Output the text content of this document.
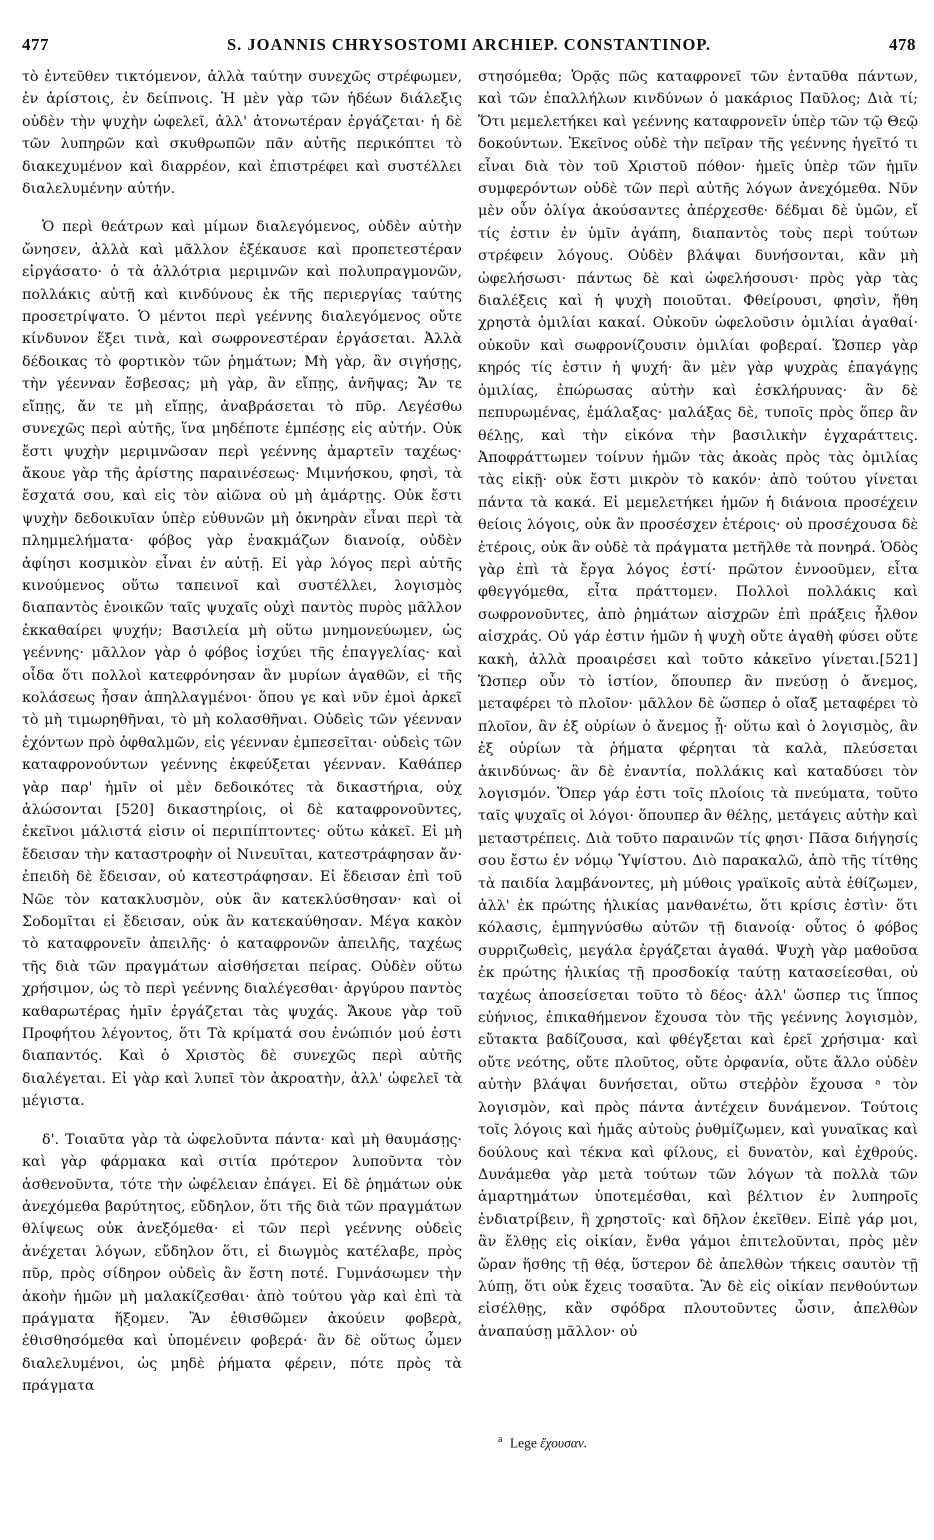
477	S. JOANNIS CHRYSOSTOMI ARCHIEP. CONSTANTINOP.	478

τὸ ἐντεῦθεν τικτόμενον, ἀλλὰ ταύτην συνεχῶς στρέφωμεν, ἐν ἀρίστοις, ἐν δείπνοις. Ἡ μὲν γὰρ τῶν ἡδέων διάλεξις οὐδὲν τὴν ψυχὴν ὠφελεῖ, ἀλλ' ἀτονωτέραν ἐργάζεται· ἡ δὲ τῶν λυπηρῶν καὶ σκυθρωπῶν πᾶν αὐτῆς περικόπτει τὸ διακεχυμένον καὶ διαρρέον, καὶ ἐπιστρέφει καὶ συστέλλει διαλελυμένην αὐτήν.

Ὁ περὶ θεάτρων καὶ μίμων διαλεγόμενος, οὐδὲν αὐτὴν ὤνησεν, ἀλλὰ καὶ μᾶλλον ἐξέκαυσε καὶ προπετεστέραν εἰργάσατο· ὁ τὰ ἀλλότρια μεριμνῶν καὶ πολυπραγμονῶν, πολλάκις αὐτῇ καὶ κινδύνους ἐκ τῆς περιεργίας ταύτης προσετρίψατο. Ὁ μέντοι περὶ γεέννης διαλεγόμενος οὔτε κίνδυνον ἕξει τινὰ, καὶ σωφρονεστέραν ἐργάσεται. Ἀλλὰ δέδοικας τὸ φορτικὸν τῶν ῥημάτων; Μὴ γὰρ, ἂν σιγήσῃς, τὴν γέενναν ἔσβεσας; μὴ γὰρ, ἂν εἴπῃς, ἀνῆψας; Ἄν τε εἴπῃς, ἄν τε μὴ εἴπῃς, ἀναβράσεται τὸ πῦρ. Λεγέσθω συνεχῶς περὶ αὐτῆς, ἵνα μηδέποτε ἐμπέσῃς εἰς αὐτήν. Οὐκ ἔστι ψυχὴν μεριμνῶσαν περὶ γεέννης ἁμαρτεῖν ταχέως· ἄκουε γὰρ τῆς ἀρίστης παραινέσεως· Μιμνήσκου, φησὶ, τὰ ἔσχατά σου, καὶ εἰς τὸν αἰῶνα οὐ μὴ ἁμάρτῃς. Οὐκ ἔστι ψυχὴν δεδοικυῖαν ὑπὲρ εὐθυνῶν μὴ ὀκνηρὰν εἶναι περὶ τὰ πλημμελήματα· φόβος γὰρ ἐνακμάζων διανοίᾳ, οὐδὲν ἀφίησι κοσμικὸν εἶναι ἐν αὐτῇ. Εἰ γὰρ λόγος περὶ αὐτῆς κινούμενος οὕτω ταπεινοῖ καὶ συστέλλει, λογισμὸς διαπαντὸς ἐνοικῶν ταῖς ψυχαῖς οὐχὶ παντὸς πυρὸς μᾶλλον ἐκκαθαίρει ψυχήν; Βασιλεία μὴ οὕτω μνημονεύωμεν, ὡς γεέννης· μᾶλλον γὰρ ὁ φόβος ἰσχύει τῆς ἐπαγγελίας· καὶ οἶδα ὅτι πολλοὶ κατεφρόνησαν ἂν μυρίων ἀγαθῶν, εἰ τῆς κολάσεως ἦσαν ἀπηλλαγμένοι· ὅπου γε καὶ νῦν ἐμοὶ ἀρκεῖ τὸ μὴ τιμωρηθῆναι, τὸ μὴ κολασθῆναι. Οὐδεὶς τῶν γέενναν ἐχόντων πρὸ ὀφθαλμῶν, εἰς γέενναν ἐμπεσεῖται· οὐδεὶς τῶν καταφρονούντων γεέννης ἐκφεύξεται γέενναν. Καθάπερ γὰρ παρ' ἡμῖν οἱ μὲν δεδοικότες τὰ δικαστήρια, οὐχ ἁλώσονται [520] δικαστηρίοις, οἱ δὲ καταφρονοῦντες, ἐκεῖνοι μάλιστά εἰσιν οἱ περιπίπτοντες· οὕτω κἀκεῖ. Εἰ μὴ ἔδεισαν τὴν καταστροφὴν οἱ Νινευῖται, κατεστράφησαν ἄν· ἐπειδὴ δὲ ἔδεισαν, οὐ κατεστράφησαν. Εἰ ἔδεισαν ἐπὶ τοῦ Νῶε τὸν κατακλυσμὸν, οὐκ ἂν κατεκλύσθησαν· καὶ οἱ Σοδομῖται εἰ ἔδεισαν, οὐκ ἂν κατεκαύθησαν. Μέγα κακὸν τὸ καταφρονεῖν ἀπειλῆς· ὁ καταφρονῶν ἀπειλῆς, ταχέως τῆς διὰ τῶν πραγμάτων αἰσθήσεται πείρας. Οὐδὲν οὕτω χρήσιμον, ὡς τὸ περὶ γεέννης διαλέγεσθαι· ἀργύρου παντὸς καθαρωτέρας ἡμῖν ἐργάζεται τὰς ψυχάς. Ἄκουε γὰρ τοῦ Προφήτου λέγοντος, ὅτι Τὰ κρίματά σου ἐνώπιόν μού ἐστι διαπαντός. Καὶ ὁ Χριστὸς δὲ συνεχῶς περὶ αὐτῆς διαλέγεται. Εἰ γὰρ καὶ λυπεῖ τὸν ἀκροατὴν, ἀλλ' ὠφελεῖ τὰ μέγιστα.

δ'. Τοιαῦτα γὰρ τὰ ὠφελοῦντα πάντα· καὶ μὴ θαυμάσῃς· καὶ γὰρ φάρμακα καὶ σιτία πρότερον λυποῦντα τὸν ἀσθενοῦντα, τότε τὴν ὠφέλειαν ἐπάγει. Εἰ δὲ ῥημάτων οὐκ ἀνεχόμεθα βαρύτητος, εὔδηλον, ὅτι τῆς διὰ τῶν πραγμάτων θλίψεως οὐκ ἀνεξόμεθα· εἰ τῶν περὶ γεέννης οὐδεὶς ἀνέχεται λόγων, εὔδηλον ὅτι, εἰ διωγμὸς κατέλαβε, πρὸς πῦρ, πρὸς σίδηρον οὐδεὶς ἂν ἔστη ποτέ. Γυμνάσωμεν τὴν ἀκοὴν ἡμῶν μὴ μαλακίζεσθαι· ἀπὸ τούτου γὰρ καὶ ἐπὶ τὰ πράγματα ἥξομεν. Ἂν ἐθισθῶμεν ἀκούειν φοβερὰ, ἐθισθησόμεθα καὶ ὑπομένειν φοβερά· ἂν δὲ οὕτως ὦμεν διαλελυμένοι, ὡς μηδὲ ῥήματα φέρειν, πότε πρὸς τὰ πράγματα

στησόμεθα; Ὁρᾷς πῶς καταφρονεῖ τῶν ἐνταῦθα πάντων, καὶ τῶν ἐπαλλήλων κινδύνων ὁ μακάριος Παῦλος; Διὰ τί; Ὅτι μεμελετήκει καὶ γεέννης καταφρονεῖν ὑπὲρ τῶν τῷ Θεῷ δοκούντων. Ἐκεῖνος οὐδὲ τὴν πεῖραν τῆς γεέννης ἡγεῖτό τι εἶναι διὰ τὸν τοῦ Χριστοῦ πόθον· ἡμεῖς ὑπὲρ τῶν ἡμῖν συμφερόντων οὐδὲ τῶν περὶ αὐτῆς λόγων ἀνεχόμεθα. Νῦν μὲν οὖν ὀλίγα ἀκούσαντες ἀπέρχεσθε· δέδμαι δὲ ὑμῶν, εἴ τίς ἐστιν ἐν ὑμῖν ἀγάπη, διαπαντὸς τοὺς περὶ τούτων στρέφειν λόγους. Οὐδὲν βλάψαι δυνήσονται, κἂν μὴ ὠφελήσωσι· πάντως δὲ καὶ ὠφελήσουσι· πρὸς γὰρ τὰς διαλέξεις καὶ ἡ ψυχὴ ποιοῦται. Φθείρουσι, φησὶν, ἤθη χρηστὰ ὁμιλίαι κακαί. Οὐκοῦν ὠφελοῦσιν ὁμιλίαι ἀγαθαί· οὐκοῦν καὶ σωφρονίζουσιν ὁμιλίαι φοβεραί. Ὥσπερ γὰρ κηρός τίς ἐστιν ἡ ψυχή· ἂν μὲν γὰρ ψυχρὰς ἐπαγάγῃς ὁμιλίας, ἐπώρωσας αὐτὴν καὶ ἐσκλήρυνας· ἂν δὲ πεπυρωμένας, ἐμάλαξας· μαλάξας δὲ, τυποῖς πρὸς ὅπερ ἂν θέλῃς, καὶ τὴν εἰκόνα τὴν βασιλικὴν ἐγχαράττεις. Ἀποφράττωμεν τοίνυν ἡμῶν τὰς ἀκοὰς πρὸς τὰς ὁμιλίας τὰς εἰκῇ· οὐκ ἔστι μικρὸν τὸ κακόν· ἀπὸ τούτου γίνεται πάντα τὰ κακά. Εἰ μεμελετήκει ἡμῶν ἡ διάνοια προσέχειν θείοις λόγοις, οὐκ ἂν προσέσχεν ἑτέροις· οὐ προσέχουσα δὲ ἑτέροις, οὐκ ἂν οὐδὲ τὰ πράγματα μετῆλθε τὰ πονηρά. Ὁδὸς γὰρ ἐπὶ τὰ ἔργα λόγος ἐστί· πρῶτον ἐννοοῦμεν, εἶτα φθεγγόμεθα, εἶτα πράττομεν. Πολλοὶ πολλάκις καὶ σωφρονοῦντες, ἀπὸ ῥημάτων αἰσχρῶν ἐπὶ πράξεις ἦλθον αἰσχράς. Οὐ γάρ ἐστιν ἡμῶν ἡ ψυχὴ οὔτε ἀγαθὴ φύσει οὔτε κακὴ, ἀλλὰ προαιρέσει καὶ τοῦτο κἀκεῖνο γίνεται.[521] Ὥσπερ οὖν τὸ ἱστίον, ὅπουπερ ἂν πνεύσῃ ὁ ἄνεμος, μεταφέρει τὸ πλοῖον· μᾶλλον δὲ ὥσπερ ὁ οἴαξ μεταφέρει τὸ πλοῖον, ἂν ἐξ οὐρίων ὁ ἄνεμος ᾖ· οὕτω καὶ ὁ λογισμὸς, ἂν ἐξ οὐρίων τὰ ῥήματα φέρηται τὰ καλὰ, πλεύσεται ἀκινδύνως· ἂν δὲ ἐναντία, πολλάκις καὶ καταδύσει τὸν λογισμόν. Ὅπερ γάρ ἐστι τοῖς πλοίοις τὰ πνεύματα, τοῦτο ταῖς ψυχαῖς οἱ λόγοι· ὅπουπερ ἂν θέλῃς, μετάγεις αὐτὴν καὶ μεταστρέπεις. Διὰ τοῦτο παραινῶν τίς φησι· Πᾶσα διήγησίς σου ἔστω ἐν νόμῳ Ὑψίστου. Διὸ παρακαλῶ, ἀπὸ τῆς τίτθης τὰ παιδία λαμβάνοντες, μὴ μύθοις γραϊκοῖς αὐτὰ ἐθίζωμεν, ἀλλ' ἐκ πρώτης ἡλικίας μανθανέτω, ὅτι κρίσις ἐστὶν· ὅτι κόλασις, ἐμπηγνύσθω αὐτῶν τῇ διανοίᾳ· οὗτος ὁ φόβος συρριζωθεὶς, μεγάλα ἐργάζεται ἀγαθά. Ψυχὴ γὰρ μαθοῦσα ἐκ πρώτης ἡλικίας τῇ προσδοκίᾳ ταύτῃ κατασείεσθαι, οὐ ταχέως ἀποσείσεται τοῦτο τὸ δέος· ἀλλ' ὥσπερ τις ἵππος εὐήνιος, ἐπικαθήμενον ἔχουσα τὸν τῆς γεέννης λογισμὸν, εὔτακτα βαδίζουσα, καὶ φθέγξεται καὶ ἐρεῖ χρήσιμα· καὶ οὔτε νεότης, οὔτε πλοῦτος, οὔτε ὀρφανία, οὔτε ἄλλο οὐδὲν αὐτὴν βλάψαι δυνήσεται, οὕτω στεῤῥὸν ἔχουσα ᵃ τὸν λογισμὸν, καὶ πρὸς πάντα ἀντέχειν δυνάμενον. Τούτοις τοῖς λόγοις καὶ ἡμᾶς αὐτοὺς ῥυθμίζωμεν, καὶ γυναῖκας καὶ δούλους καὶ τέκνα καὶ φίλους, εἰ δυνατὸν, καὶ ἐχθρούς. Δυνάμεθα γὰρ μετὰ τούτων τῶν λόγων τὰ πολλὰ τῶν ἁμαρτημάτων ὑποτεμέσθαι, καὶ βέλτιον ἐν λυπηροῖς ἐνδιατρίβειν, ἢ χρηστοῖς· καὶ δῆλον ἐκεῖθεν. Εἰπὲ γάρ μοι, ἂν ἔλθῃς εἰς οἰκίαν, ἔνθα γάμοι ἐπιτελοῦνται, πρὸς μὲν ὥραν ἥσθης τῇ θέᾳ, ὕστερον δὲ ἀπελθὼν τήκεις σαυτὸν τῇ λύπῃ, ὅτι οὐκ ἔχεις τοσαῦτα. Ἂν δὲ εἰς οἰκίαν πενθούντων εἰσέλθῃς, κἂν σφόδρα πλουτοῦντες ὦσιν, ἀπελθὼν ἀναπαύσῃ μᾶλλον· οὐ

$^a$ Lege ἔχουσαν.
